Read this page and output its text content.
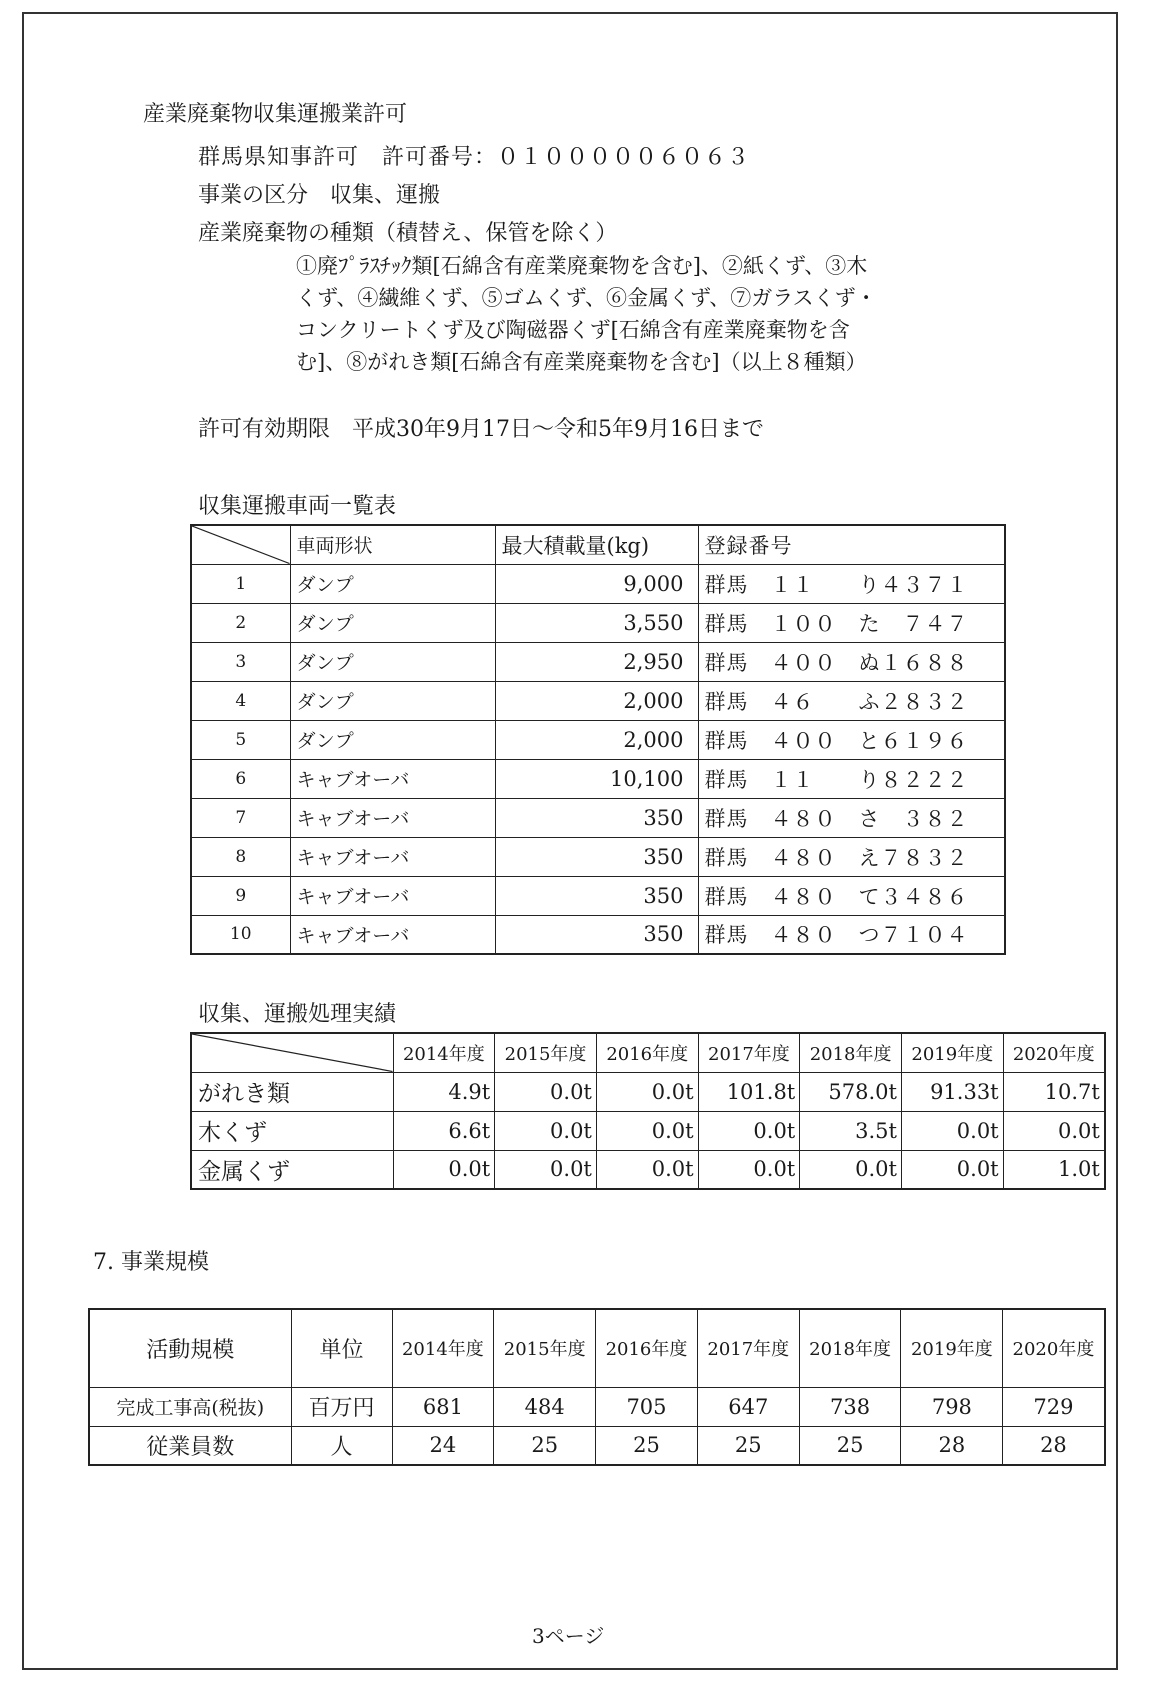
産業廃棄物収集運搬業許可
群馬県知事許可　許可番号：０１０００００６０６３
事業の区分　収集、運搬
産業廃棄物の種類（積替え、保管を除く）
①廃ﾌﾟﾗｽﾁｯｸ類[石綿含有産業廃棄物を含む]、②紙くず、③木
くず、④繊維くず、⑤ゴムくず、⑥金属くず、⑦ガラスくず・
コンクリートくず及び陶磁器くず[石綿含有産業廃棄物を含
む]、⑧がれき類[石綿含有産業廃棄物を含む]（以上８種類）
許可有効期限　平成30年9月17日～令和5年9月16日まで
収集運搬車両一覧表
	車両形状	最大積載量(kg)	登録番号
1	ダンプ	9,000	群馬　１１　　り４３７１
2	ダンプ	3,550	群馬　１００　た　７４７
3	ダンプ	2,950	群馬　４００　ぬ１６８８
4	ダンプ	2,000	群馬　４６　　ふ２８３２
5	ダンプ	2,000	群馬　４００　と６１９６
6	キャブオーバ	10,100	群馬　１１　　り８２２２
7	キャブオーバ	350	群馬　４８０　さ　３８２
8	キャブオーバ	350	群馬　４８０　え７８３２
9	キャブオーバ	350	群馬　４８０　て３４８６
10	キャブオーバ	350	群馬　４８０　つ７１０４
収集、運搬処理実績
	2014年度	2015年度	2016年度	2017年度	2018年度	2019年度	2020年度
がれき類	4.9t	0.0t	0.0t	101.8t	578.0t	91.33t	10.7t
木くず	6.6t	0.0t	0.0t	0.0t	3.5t	0.0t	0.0t
金属くず	0.0t	0.0t	0.0t	0.0t	0.0t	0.0t	1.0t
7. 事業規模
活動規模	単位	2014年度	2015年度	2016年度	2017年度	2018年度	2019年度	2020年度
完成工事高(税抜)	百万円	681	484	705	647	738	798	729
従業員数	人	24	25	25	25	25	28	28
3ページ
